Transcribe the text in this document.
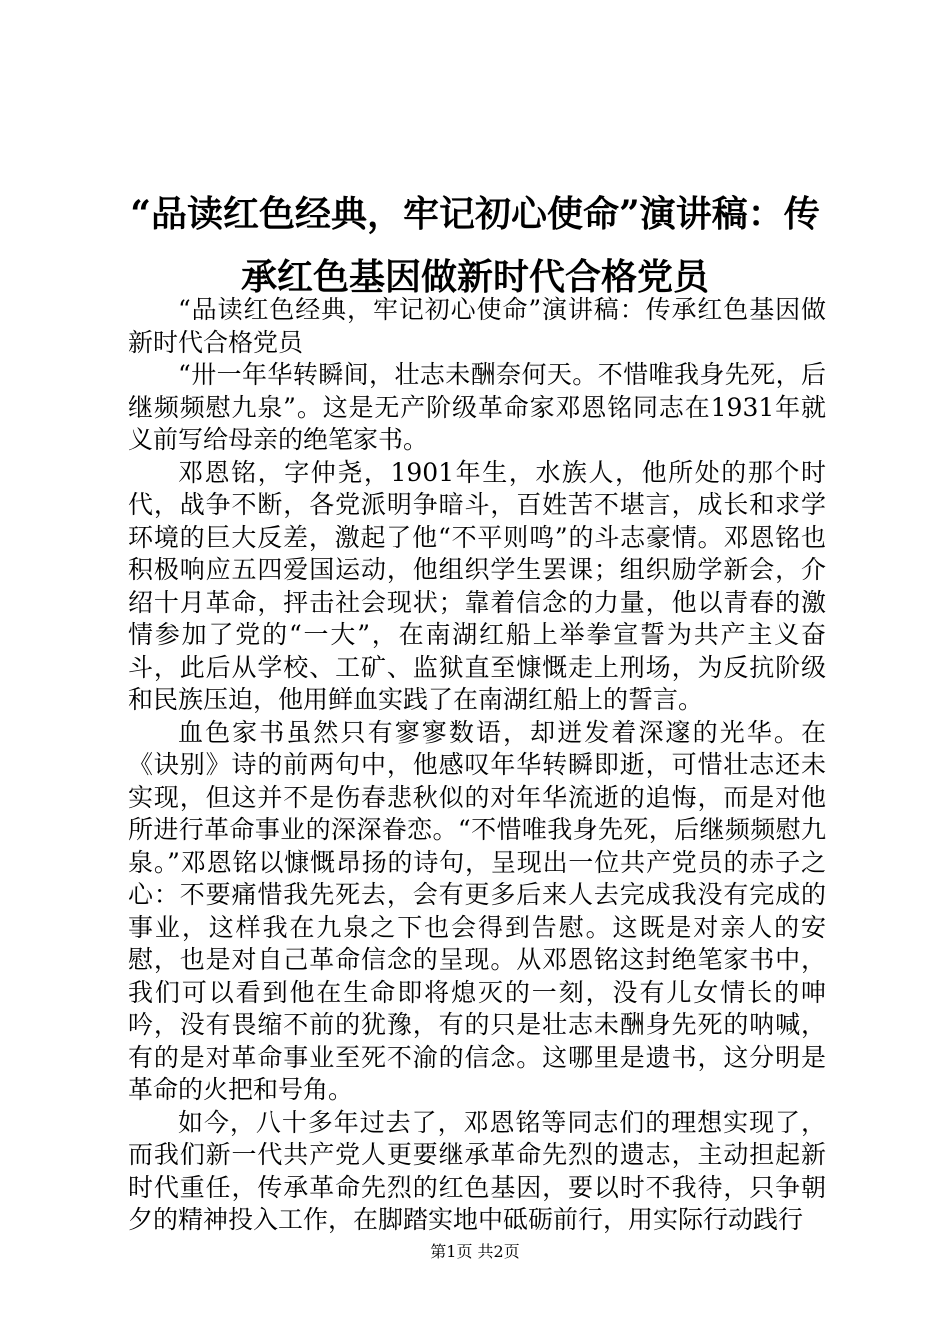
“品读红色经典，牢记初心使命”演讲稿：传承红色基因做新时代合格党员

“品读红色经典，牢记初心使命”演讲稿：传承红色基因做新时代合格党员

“卅一年华转瞬间，壮志未酬奈何天。不惜唯我身先死，后继频频慰九泉”。这是无产阶级革命家邓恩铭同志在1931年就义前写给母亲的绝笔家书。

邓恩铭，字仲尧，1901年生，水族人，他所处的那个时代，战争不断，各党派明争暗斗，百姓苦不堪言，成长和求学环境的巨大反差，激起了他“不平则鸣”的斗志豪情。邓恩铭也积极响应五四爱国运动，他组织学生罢课；组织励学新会，介绍十月革命，抨击社会现状；靠着信念的力量，他以青春的激情参加了党的“一大”，在南湖红船上举拳宣誓为共产主义奋斗，此后从学校、工矿、监狱直至慷慨走上刑场，为反抗阶级和民族压迫，他用鲜血实践了在南湖红船上的誓言。

血色家书虽然只有寥寥数语，却迸发着深邃的光华。在《诀别》诗的前两句中，他感叹年华转瞬即逝，可惜壮志还未实现，但这并不是伤春悲秋似的对年华流逝的追悔，而是对他所进行革命事业的深深眷恋。“不惜唯我身先死，后继频频慰九泉。”邓恩铭以慷慨昂扬的诗句，呈现出一位共产党员的赤子之心：不要痛惜我先死去，会有更多后来人去完成我没有完成的事业，这样我在九泉之下也会得到告慰。这既是对亲人的安慰，也是对自己革命信念的呈现。从邓恩铭这封绝笔家书中，我们可以看到他在生命即将熄灭的一刻，没有儿女情长的呻吟，没有畏缩不前的犹豫，有的只是壮志未酬身先死的呐喊，有的是对革命事业至死不渝的信念。这哪里是遗书，这分明是革命的火把和号角。

如今，八十多年过去了，邓恩铭等同志们的理想实现了，而我们新一代共产党人更要继承革命先烈的遗志，主动担起新时代重任，传承革命先烈的红色基因，要以时不我待，只争朝夕的精神投入工作，在脚踏实地中砥砺前行，用实际行动践行

第1页 共2页
